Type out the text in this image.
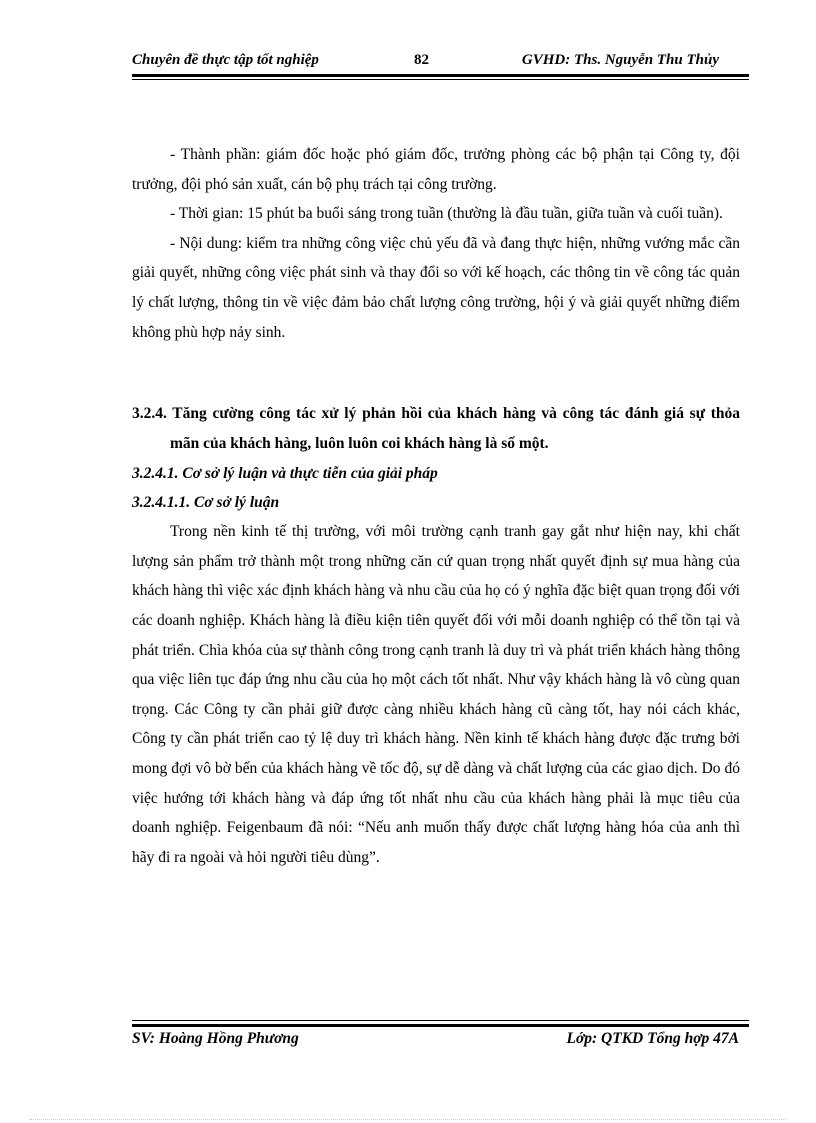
Chuyên đề thực tập tốt nghiệp	82	GVHD: Ths. Nguyễn Thu Thủy

- Thành phần: giám đốc hoặc phó giám đốc, trưởng phòng các bộ phận tại Công ty, đội trưởng, đội phó sản xuất, cán bộ phụ trách tại công trường.

- Thời gian: 15 phút ba buổi sáng trong tuần (thường là đầu tuần, giữa tuần và cuối tuần).

- Nội dung: kiểm tra những công việc chủ yếu đã và đang thực hiện, những vướng mắc cần giải quyết, những công việc phát sinh và thay đổi so với kế hoạch, các thông tin về công tác quản lý chất lượng, thông tin về việc đảm bảo chất lượng công trường, hội ý và giải quyết những điểm không phù hợp nảy sinh.

3.2.4. Tăng cường công tác xử lý phản hồi của khách hàng và công tác đánh giá sự thỏa mãn của khách hàng, luôn luôn coi khách hàng là số một.

3.2.4.1. Cơ sở lý luận và thực tiễn của giải pháp

3.2.4.1.1. Cơ sở lý luận

Trong nền kinh tế thị trường, với môi trường cạnh tranh gay gắt như hiện nay, khi chất lượng sản phẩm trở thành một trong những căn cứ quan trọng nhất quyết định sự mua hàng của khách hàng thì việc xác định khách hàng và nhu cầu của họ có ý nghĩa đặc biệt quan trọng đối với các doanh nghiệp. Khách hàng là điều kiện tiên quyết đối với mỗi doanh nghiệp có thể tồn tại và phát triển. Chìa khóa của sự thành công trong cạnh tranh là duy trì và phát triển khách hàng thông qua việc liên tục đáp ứng nhu cầu của họ một cách tốt nhất. Như vậy khách hàng là vô cùng quan trọng. Các Công ty cần phải giữ được càng nhiều khách hàng cũ càng tốt, hay nói cách khác, Công ty cần phát triển cao tỷ lệ duy trì khách hàng. Nền kinh tế khách hàng được đặc trưng bởi mong đợi vô bờ bến của khách hàng về tốc độ, sự dễ dàng và chất lượng của các giao dịch. Do đó việc hướng tới khách hàng và đáp ứng tốt nhất nhu cầu của khách hàng phải là mục tiêu của doanh nghiệp. Feigenbaum đã nói: “Nếu anh muốn thấy được chất lượng hàng hóa của anh thì hãy đi ra ngoài và hỏi người tiêu dùng”.

SV: Hoàng Hồng Phương	Lớp: QTKD Tổng hợp 47A
